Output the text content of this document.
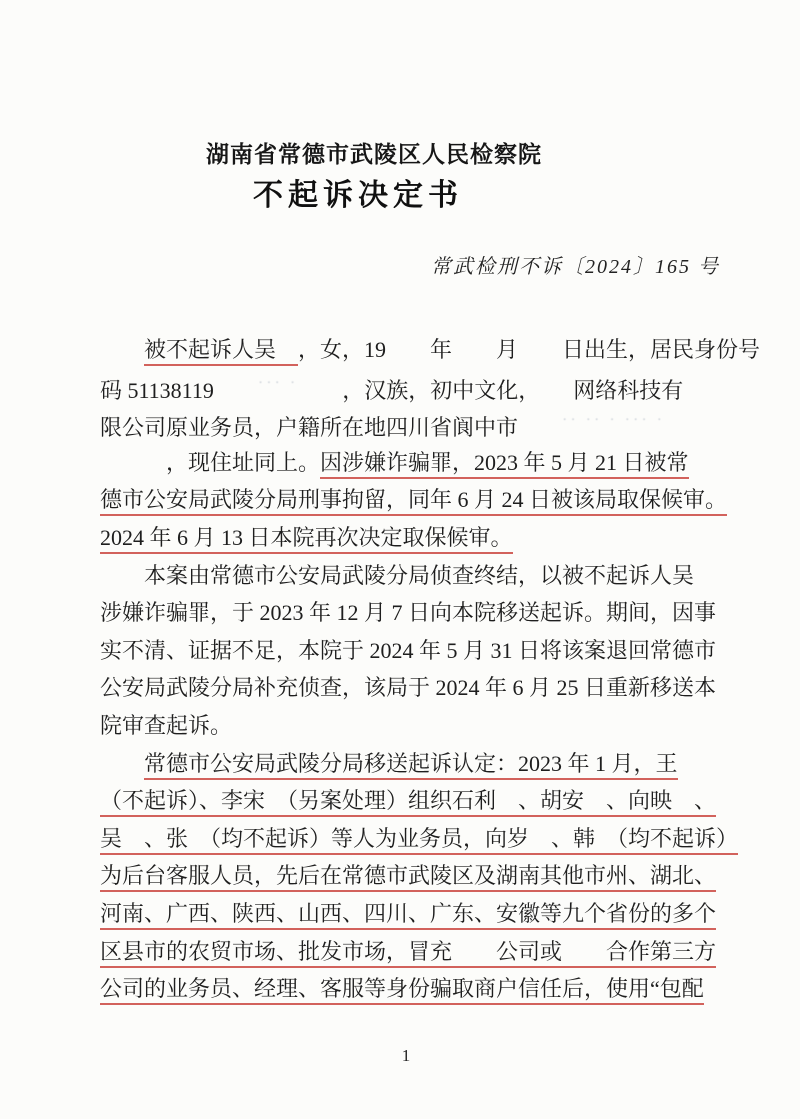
湖南省常德市武陵区人民检察院
不起诉决定书
常武检刑不诉〔2024〕165 号
　　被不起诉人吴　，女，19　　年　　月　　日出生，居民身份号
码 51138119　　˙˙˙ ˙　　，汉族，初中文化，　　网络科技有
限公司原业务员，户籍所在地四川省阆中市　　˙˙ ˙˙ ˙ ˙˙˙ ˙
　　　，现住址同上。因涉嫌诈骗罪，2023 年 5 月 21 日被常
德市公安局武陵分局刑事拘留，同年 6 月 24 日被该局取保候审。
2024 年 6 月 13 日本院再次决定取保候审。
　　本案由常德市公安局武陵分局侦查终结，以被不起诉人吴
涉嫌诈骗罪，于 2023 年 12 月 7 日向本院移送起诉。期间，因事
实不清、证据不足，本院于 2024 年 5 月 31 日将该案退回常德市
公安局武陵分局补充侦查，该局于 2024 年 6 月 25 日重新移送本
院审查起诉。
　　常德市公安局武陵分局移送起诉认定：2023 年 1 月，王
（不起诉）、李宋　（另案处理）组织石利　、胡安　、向映　、
吴　、张　（均不起诉）等人为业务员，向岁　、韩　（均不起诉）
为后台客服人员，先后在常德市武陵区及湖南其他市州、湖北、
河南、广西、陕西、山西、四川、广东、安徽等九个省份的多个
区县市的农贸市场、批发市场，冒充　　公司或　　合作第三方
公司的业务员、经理、客服等身份骗取商户信任后，使用“包配
1
